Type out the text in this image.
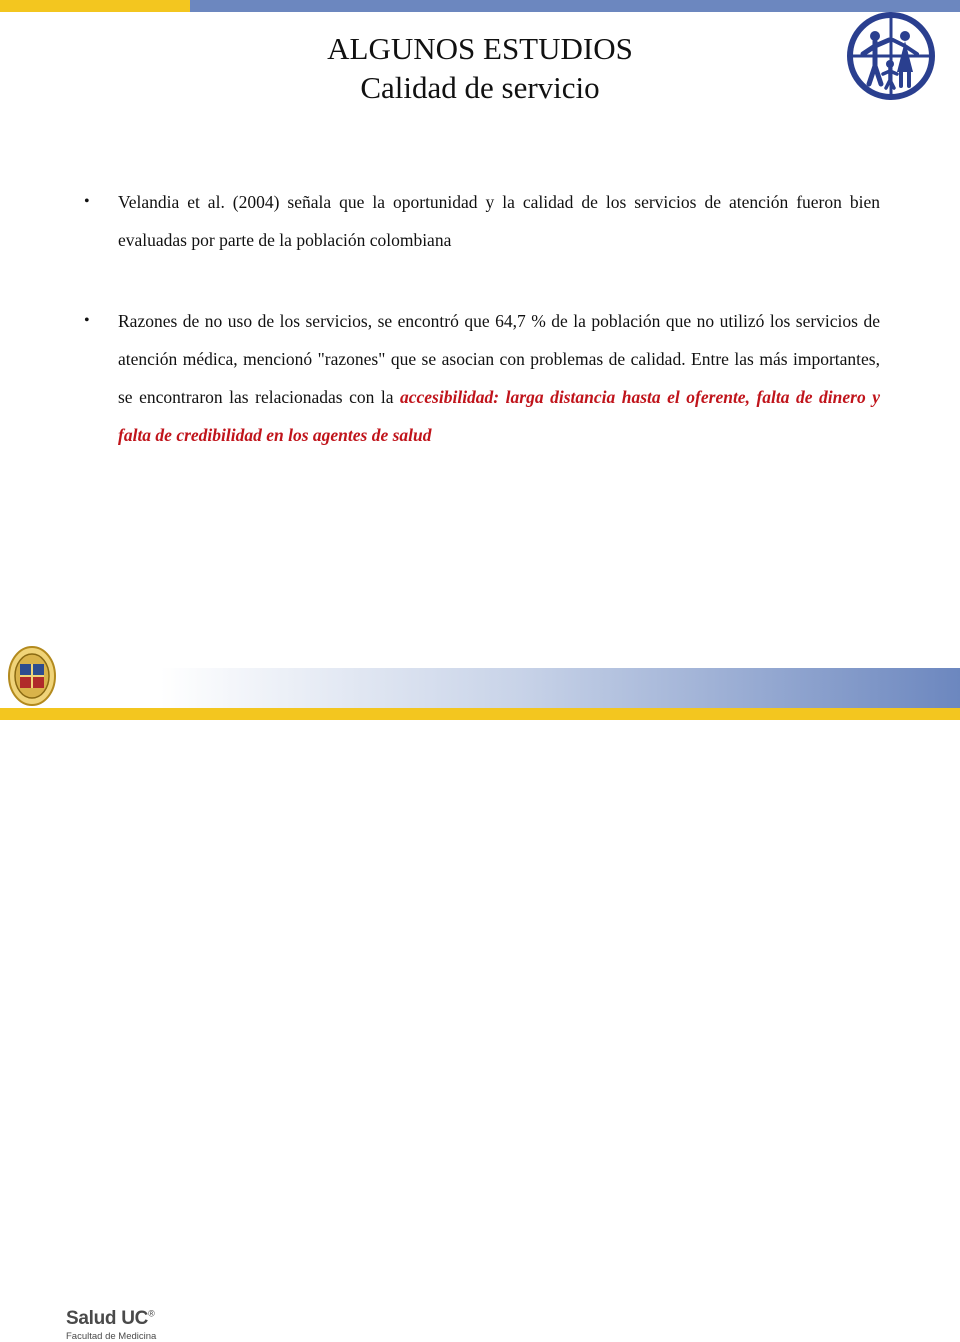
ALGUNOS ESTUDIOS
Calidad de servicio
• Velandia et al. (2004) señala que la oportunidad y la calidad de los servicios de atención fueron bien evaluadas por parte de la población colombiana
• Razones de no uso de los servicios, se encontró que 64,7 % de la población que no utilizó los servicios de atención médica, mencionó "razones" que se asocian con problemas de calidad. Entre las más importantes, se encontraron las relacionadas con la accesibilidad: larga distancia hasta el oferente, falta de dinero y falta de credibilidad en los agentes de salud
Salud UC®
Facultad de Medicina
